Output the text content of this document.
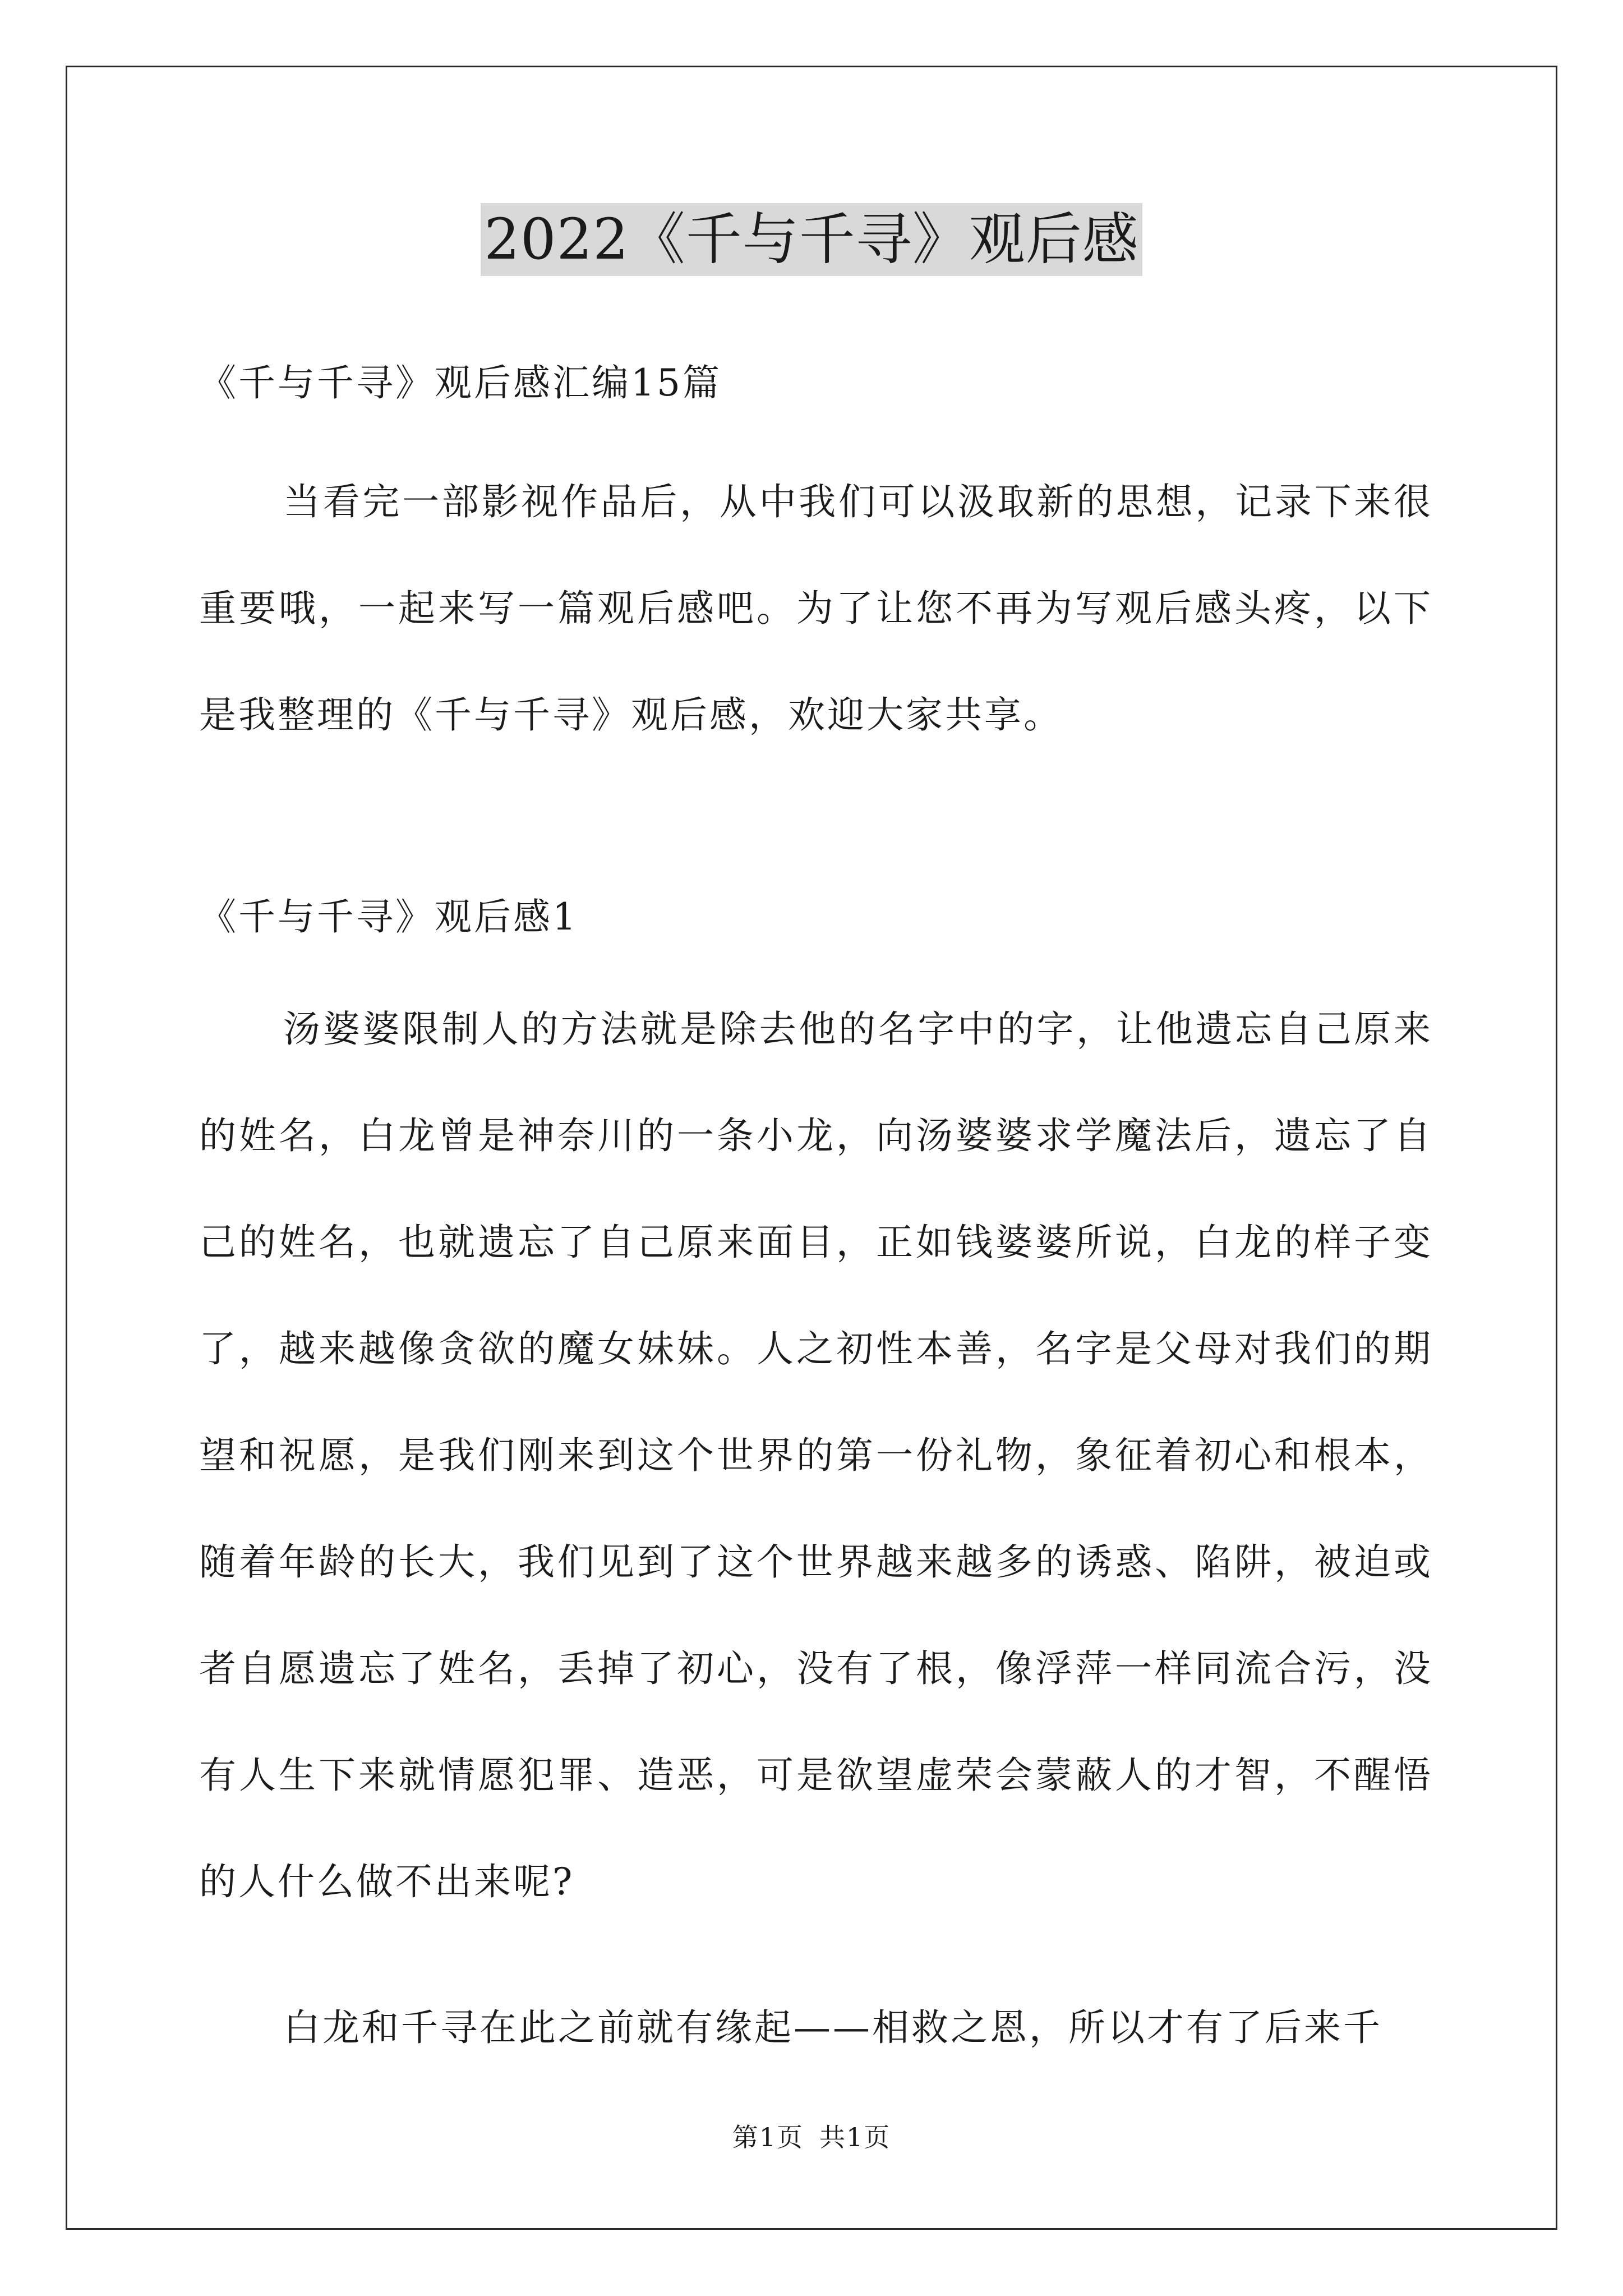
2022《千与千寻》观后感
《千与千寻》观后感汇编15篇

当看完一部影视作品后，从中我们可以汲取新的思想，记录下来很重要哦，一起来写一篇观后感吧。为了让您不再为写观后感头疼，以下是我整理的《千与千寻》观后感，欢迎大家共享。

《千与千寻》观后感1

汤婆婆限制人的方法就是除去他的名字中的字，让他遗忘自己原来的姓名，白龙曾是神奈川的一条小龙，向汤婆婆求学魔法后，遗忘了自己的姓名，也就遗忘了自己原来面目，正如钱婆婆所说，白龙的样子变了，越来越像贪欲的魔女妹妹。人之初性本善，名字是父母对我们的期望和祝愿，是我们刚来到这个世界的第一份礼物，象征着初心和根本，随着年龄的长大，我们见到了这个世界越来越多的诱惑、陷阱，被迫或者自愿遗忘了姓名，丢掉了初心，没有了根，像浮萍一样同流合污，没有人生下来就情愿犯罪、造恶，可是欲望虚荣会蒙蔽人的才智，不醒悟的人什么做不出来呢?

白龙和千寻在此之前就有缘起——相救之恩，所以才有了后来千

第1页 共1页
